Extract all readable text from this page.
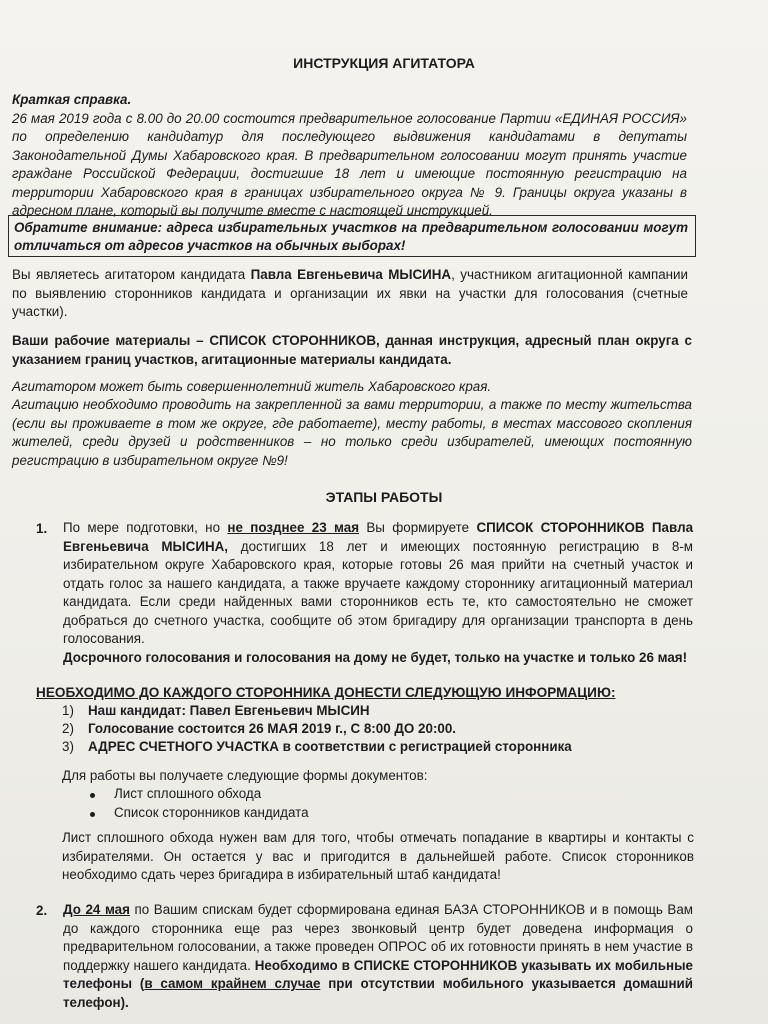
ИНСТРУКЦИЯ АГИТАТОРА

Краткая справка.

26 мая 2019 года с 8.00 до 20.00 состоится предварительное голосование Партии «ЕДИНАЯ РОССИЯ» по определению кандидатур для последующего выдвижения кандидатами в депутаты Законодательной Думы Хабаровского края. В предварительном голосовании могут принять участие граждане Российской Федерации, достигшие 18 лет и имеющие постоянную регистрацию на территории Хабаровского края в границах избирательного округа № 9. Границы округа указаны в адресном плане, который вы получите вместе с настоящей инструкцией.

Обратите внимание: адреса избирательных участков на предварительном голосовании могут отличаться от адресов участков на обычных выборах!
Вы являетесь агитатором кандидата Павла Евгеньевича МЫСИНА, участником агитационной кампании по выявлению сторонников кандидата и организации их явки на участки для голосования (счетные участки).
Ваши рабочие материалы – СПИСОК СТОРОННИКОВ, данная инструкция, адресный план округа с указанием границ участков, агитационные материалы кандидата.
Агитатором может быть совершеннолетний житель Хабаровского края.
Агитацию необходимо проводить на закрепленной за вами территории, а также по месту жительства (если вы проживаете в том же округе, где работаете), месту работы, в местах массового скопления жителей, среди друзей и родственников – но только среди избирателей, имеющих постоянную регистрацию в избирательном округе №9!
ЭТАПЫ РАБОТЫ
1. По мере подготовки, но не позднее 23 мая Вы формируете СПИСОК СТОРОННИКОВ Павла Евгеньевича МЫСИНА, достигших 18 лет и имеющих постоянную регистрацию в 8-м избирательном округе Хабаровского края, которые готовы 26 мая прийти на счетный участок и отдать голос за нашего кандидата, а также вручаете каждому стороннику агитационный материал кандидата. Если среди найденных вами сторонников есть те, кто самостоятельно не сможет добраться до счетного участка, сообщите об этом бригадиру для организации транспорта в день голосования.

Досрочного голосования и голосования на дому не будет, только на участке и только 26 мая!

НЕОБХОДИМО ДО КАЖДОГО СТОРОННИКА ДОНЕСТИ СЛЕДУЮЩУЮ ИНФОРМАЦИЮ:
1) Наш кандидат: Павел Евгеньевич МЫСИН
2) Голосование состоится 26 МАЯ 2019 г., С 8:00 ДО 20:00.
3) АДРЕС СЧЕТНОГО УЧАСТКА в соответствии с регистрацией сторонника
Для работы вы получаете следующие формы документов:
Лист сплошного обхода
Список сторонников кандидата
Лист сплошного обхода нужен вам для того, чтобы отмечать попадание в квартиры и контакты с избирателями. Он остается у вас и пригодится в дальнейшей работе. Список сторонников необходимо сдать через бригадира в избирательный штаб кандидата!
2. До 24 мая по Вашим спискам будет сформирована единая БАЗА СТОРОННИКОВ и в помощь Вам до каждого сторонника еще раз через звонковый центр будет доведена информация о предварительном голосовании, а также проведен ОПРОС об их готовности принять в нем участие в поддержку нашего кандидата. Необходимо в СПИСКЕ СТОРОННИКОВ указывать их мобильные телефоны (в самом крайнем случае при отсутствии мобильного указывается домашний телефон).
